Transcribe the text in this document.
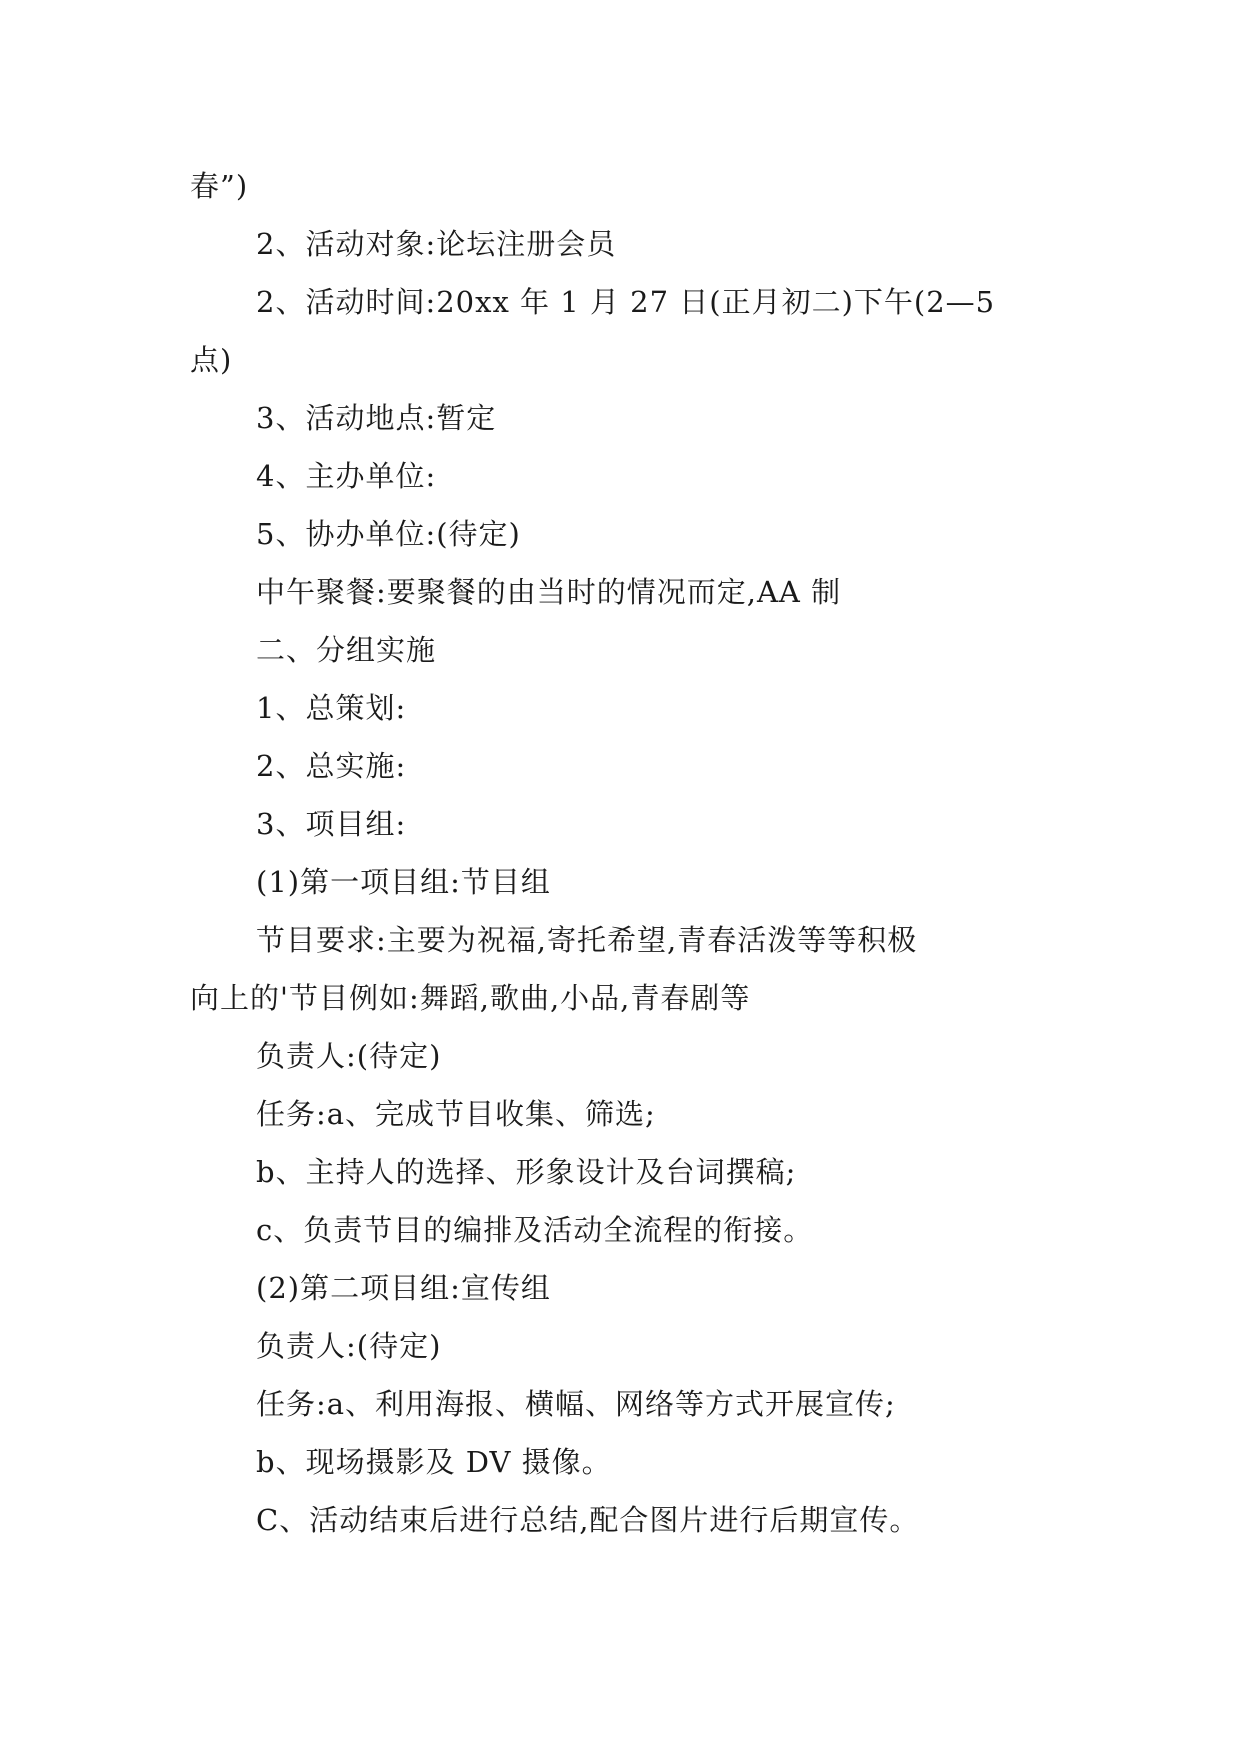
春”)
2、活动对象:论坛注册会员
2、活动时间:20xx 年 1 月 27 日(正月初二)下午(2—5
点)
3、活动地点:暂定
4、主办单位:
5、协办单位:(待定)
中午聚餐:要聚餐的由当时的情况而定,AA 制
二、分组实施
1、总策划:
2、总实施:
3、项目组:
(1)第一项目组:节目组
节目要求:主要为祝福,寄托希望,青春活泼等等积极
向上的'节目例如:舞蹈,歌曲,小品,青春剧等
负责人:(待定)
任务:a、完成节目收集、筛选;
b、主持人的选择、形象设计及台词撰稿;
c、负责节目的编排及活动全流程的衔接。
(2)第二项目组:宣传组
负责人:(待定)
任务:a、利用海报、横幅、网络等方式开展宣传;
b、现场摄影及 DV 摄像。
C、活动结束后进行总结,配合图片进行后期宣传。
